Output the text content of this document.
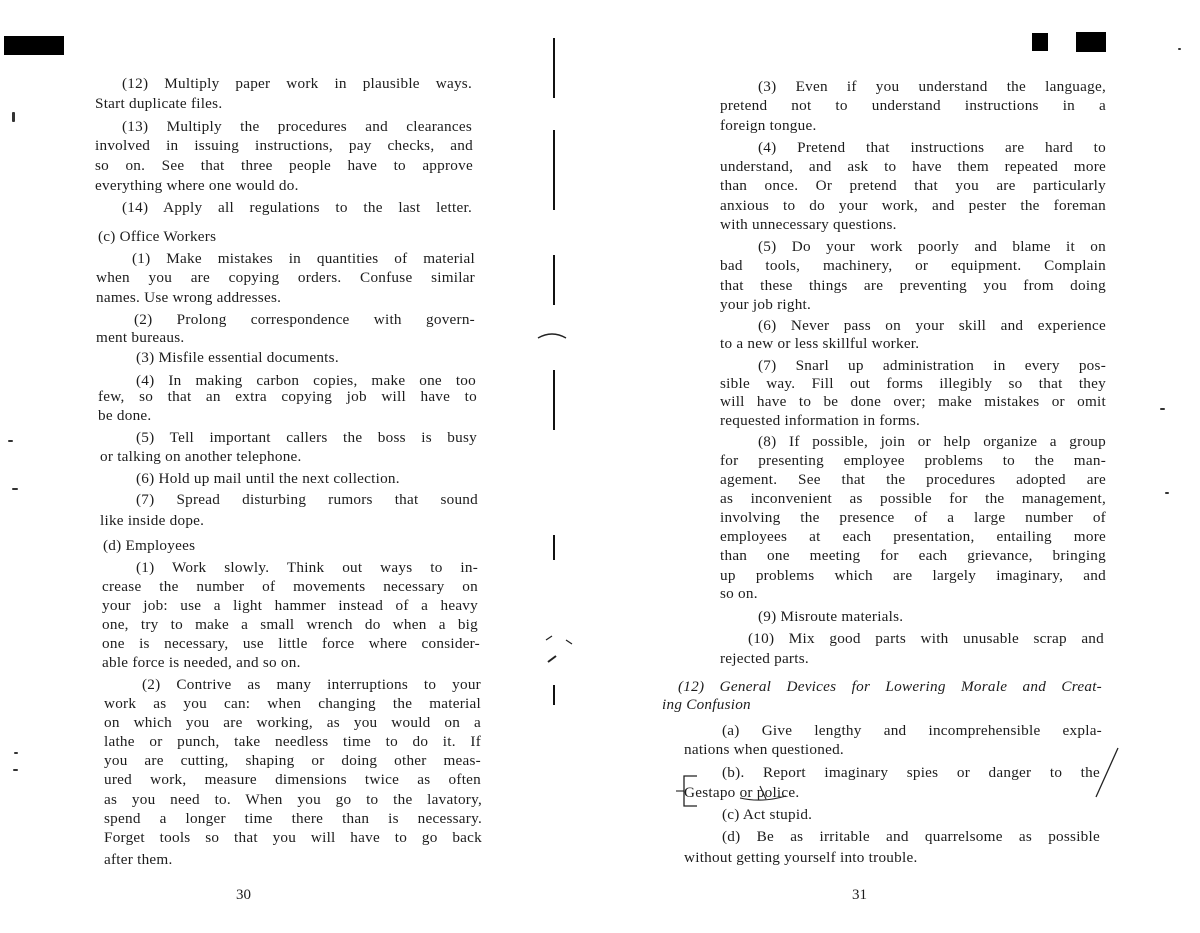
(12) Multiply paper work in plausible ways.
Start duplicate files.
(13) Multiply the procedures and clearances
involved in issuing instructions, pay checks, and
so on. See that three people have to approve
everything where one would do.
(14) Apply all regulations to the last letter.
(c) Office Workers
(1) Make mistakes in quantities of material
when you are copying orders. Confuse similar
names. Use wrong addresses.
(2) Prolong correspondence with govern-
ment bureaus.
(3) Misfile essential documents.
(4) In making carbon copies, make one too
few, so that an extra copying job will have to
be done.
(5) Tell important callers the boss is busy
or talking on another telephone.
(6) Hold up mail until the next collection.
(7) Spread disturbing rumors that sound
like inside dope.
(d) Employees
(1) Work slowly. Think out ways to in-
crease the number of movements necessary on
your job: use a light hammer instead of a heavy
one, try to make a small wrench do when a big
one is necessary, use little force where consider-
able force is needed, and so on.
(2) Contrive as many interruptions to your
work as you can: when changing the material
on which you are working, as you would on a
lathe or punch, take needless time to do it. If
you are cutting, shaping or doing other meas-
ured work, measure dimensions twice as often
as you need to. When you go to the lavatory,
spend a longer time there than is necessary.
Forget tools so that you will have to go back
after them.
30
(3) Even if you understand the language,
pretend not to understand instructions in a
foreign tongue.
(4) Pretend that instructions are hard to
understand, and ask to have them repeated more
than once. Or pretend that you are particularly
anxious to do your work, and pester the foreman
with unnecessary questions.
(5) Do your work poorly and blame it on
bad tools, machinery, or equipment. Complain
that these things are preventing you from doing
your job right.
(6) Never pass on your skill and experience
to a new or less skillful worker.
(7) Snarl up administration in every pos-
sible way. Fill out forms illegibly so that they
will have to be done over; make mistakes or omit
requested information in forms.
(8) If possible, join or help organize a group
for presenting employee problems to the man-
agement. See that the procedures adopted are
as inconvenient as possible for the management,
involving the presence of a large number of
employees at each presentation, entailing more
than one meeting for each grievance, bringing
up problems which are largely imaginary, and
so on.
(9) Misroute materials.
(10) Mix good parts with unusable scrap and
rejected parts.
(12) General Devices for Lowering Morale and Creat-
ing Confusion
(a) Give lengthy and incomprehensible expla-
nations when questioned.
(b). Report imaginary spies or danger to the
Gestapo or police.
(c) Act stupid.
(d) Be as irritable and quarrelsome as possible
without getting yourself into trouble.
31
